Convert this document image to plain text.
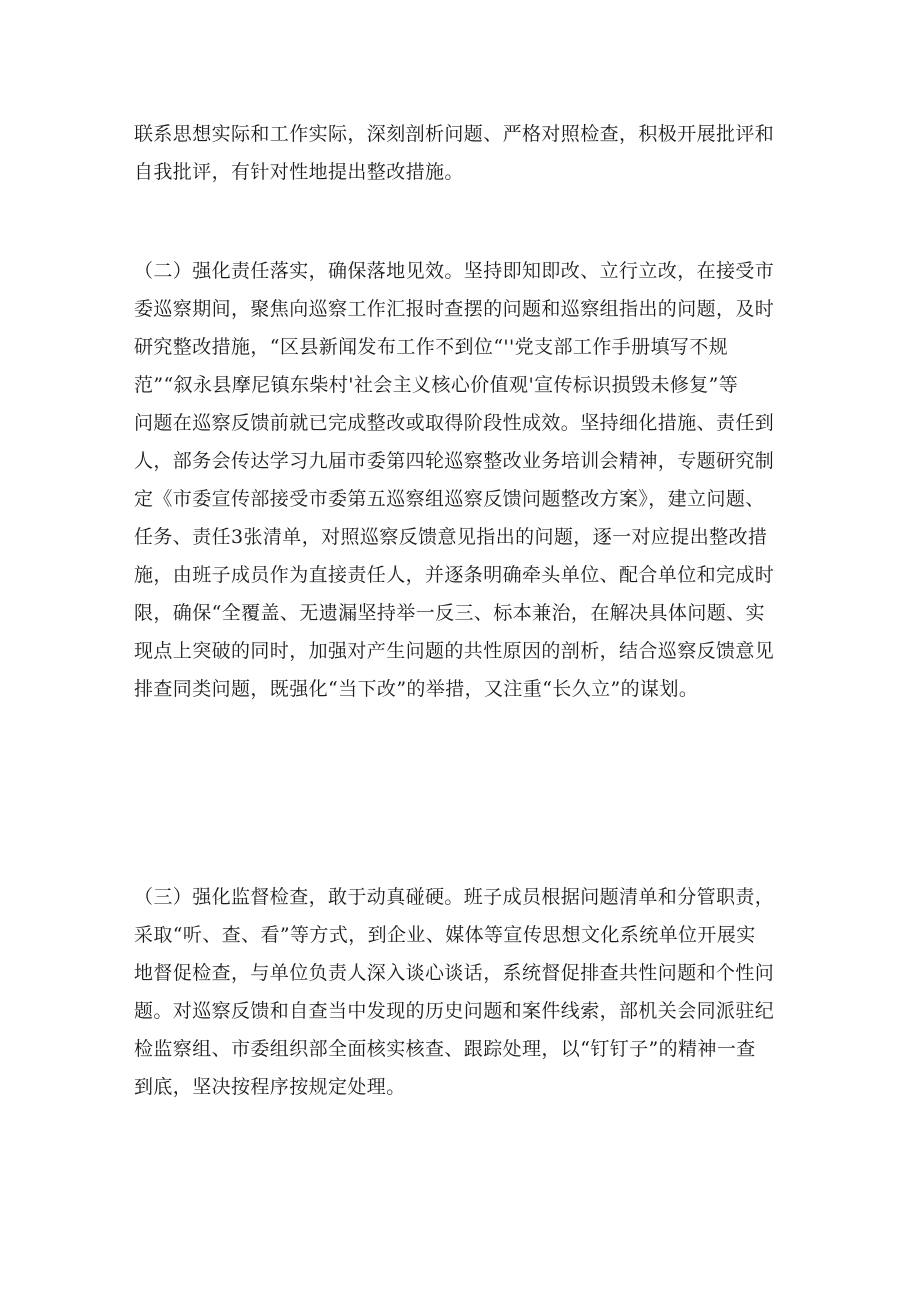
联系思想实际和工作实际，深刻剖析问题、严格对照检查，积极开展批评和
自我批评，有针对性地提出整改措施。
（二）强化责任落实，确保落地见效。坚持即知即改、立行立改，在接受市
委巡察期间，聚焦向巡察工作汇报时查摆的问题和巡察组指出的问题，及时
研究整改措施，“区县新闻发布工作不到位“''党支部工作手册填写不规
范”“叙永县摩尼镇东柴村'社会主义核心价值观'宣传标识损毁未修复”等
问题在巡察反馈前就已完成整改或取得阶段性成效。坚持细化措施、责任到
人，部务会传达学习九届市委第四轮巡察整改业务培训会精神，专题研究制
定《市委宣传部接受市委第五巡察组巡察反馈问题整改方案》，建立问题、
任务、责任3张清单，对照巡察反馈意见指出的问题，逐一对应提出整改措
施，由班子成员作为直接责任人，并逐条明确牵头单位、配合单位和完成时
限，确保“全覆盖、无遗漏坚持举一反三、标本兼治，在解决具体问题、实
现点上突破的同时，加强对产生问题的共性原因的剖析，结合巡察反馈意见
排查同类问题，既强化“当下改”的举措，又注重“长久立”的谋划。
（三）强化监督检查，敢于动真碰硬。班子成员根据问题清单和分管职责，
采取“听、查、看”等方式，到企业、媒体等宣传思想文化系统单位开展实
地督促检查，与单位负责人深入谈心谈话，系统督促排查共性问题和个性问
题。对巡察反馈和自查当中发现的历史问题和案件线索，部机关会同派驻纪
检监察组、市委组织部全面核实核查、跟踪处理，以“钉钉子”的精神一查
到底，坚决按程序按规定处理。
